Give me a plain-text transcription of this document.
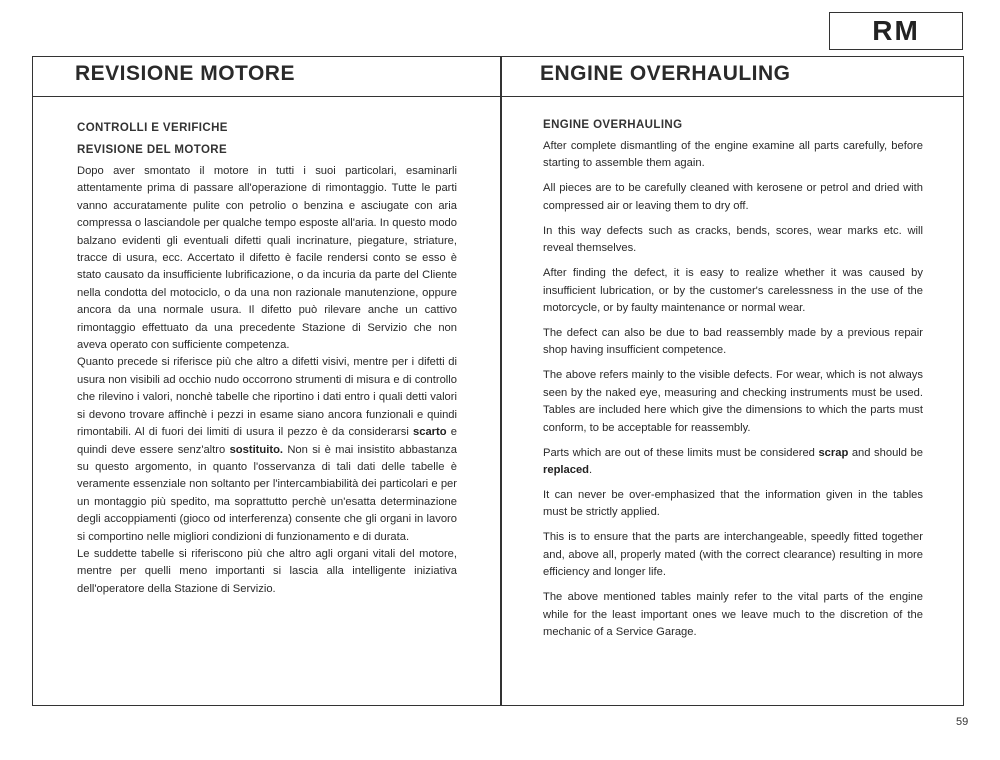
RM
REVISIONE MOTORE	ENGINE OVERHAULING

CONTROLLI E VERIFICHE

REVISIONE DEL MOTORE

Dopo aver smontato il motore in tutti i suoi particolari, esaminarli attentamente prima di passare all'operazione di rimontaggio. Tutte le parti vanno accuratamente pulite con petrolio o benzina e asciugate con aria compressa o lasciandole per qualche tempo esposte all'aria. In questo modo balzano evidenti gli eventuali difetti quali incrinature, piegature, striature, tracce di usura, ecc. Accertato il difetto è facile rendersi conto se esso è stato causato da insufficiente lubrificazione, o da incuria da parte del Cliente nella condotta del motociclo, o da una non razionale manutenzione, oppure ancora da una normale usura. Il difetto può rilevare anche un cattivo rimontaggio effettuato da una precedente Stazione di Servizio che non aveva operato con sufficiente competenza.

Quanto precede si riferisce più che altro a difetti visivi, mentre per i difetti di usura non visibili ad occhio nudo occorrono strumenti di misura e di controllo che rilevino i valori, nonchè tabelle che riportino i dati entro i quali detti valori si devono trovare affinchè i pezzi in esame siano ancora funzionali e quindi rimontabili. Al di fuori dei limiti di usura il pezzo è da considerarsi scarto e quindi deve essere senz'altro sostituito. Non si è mai insistito abbastanza su questo argomento, in quanto l'osservanza di tali dati delle tabelle è veramente essenziale non soltanto per l'intercambiabilità dei particolari e per un montaggio più spedito, ma soprattutto perchè un'esatta determinazione degli accoppiamenti (gioco od interferenza) consente che gli organi in lavoro si comportino nelle migliori condizioni di funzionamento e di durata.

Le suddette tabelle si riferiscono più che altro agli organi vitali del motore, mentre per quelli meno importanti si lascia alla intelligente iniziativa dell'operatore della Stazione di Servizio.

ENGINE OVERHAULING

After complete dismantling of the engine examine all parts carefully, before starting to assemble them again.

All pieces are to be carefully cleaned with kerosene or petrol and dried with compressed air or leaving them to dry off.

In this way defects such as cracks, bends, scores, wear marks etc. will reveal themselves.

After finding the defect, it is easy to realize whether it was caused by insufficient lubrication, or by the customer's carelessness in the use of the motorcycle, or by faulty maintenance or normal wear.

The defect can also be due to bad reassembly made by a previous repair shop having insufficient competence.

The above refers mainly to the visible defects. For wear, which is not always seen by the naked eye, measuring and checking instruments must be used. Tables are included here which give the dimensions to which the parts must conform, to be acceptable for reassembly.

Parts which are out of these limits must be considered scrap and should be replaced.

It can never be over-emphasized that the information given in the tables must be strictly applied.

This is to ensure that the parts are interchangeable, speedly fitted together and, above all, properly mated (with the correct clearance) resulting in more efficiency and longer life.

The above mentioned tables mainly refer to the vital parts of the engine while for the least important ones we leave much to the discretion of the mechanic of a Service Garage.

59
